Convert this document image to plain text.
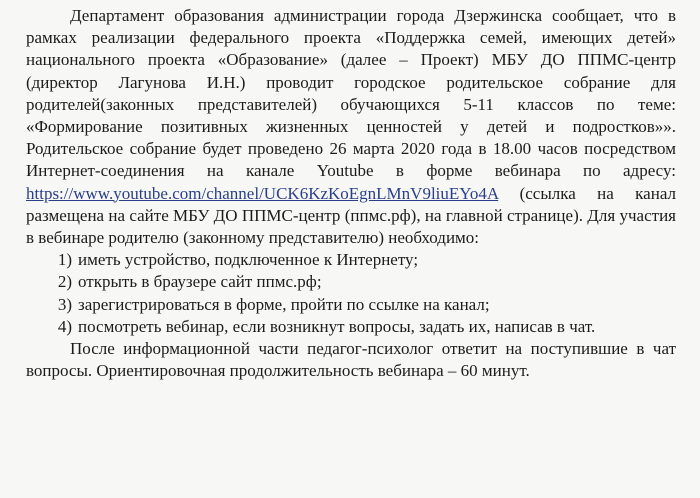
Департамент образования администрации города Дзержинска сообщает, что в рамках реализации федерального проекта «Поддержка семей, имеющих детей» национального проекта «Образование» (далее – Проект) МБУ ДО ППМС-центр (директор Лагунова И.Н.) проводит городское родительское собрание для родителей(законных представителей) обучающихся 5-11 классов по теме: «Формирование позитивных жизненных ценностей у детей и подростков»». Родительское собрание будет проведено 26 марта 2020 года в 18.00 часов посредством Интернет-соединения на канале Youtube в форме вебинара по адресу: https://www.youtube.com/channel/UCK6KzKoEgnLMnV9liuEYo4A (ссылка на канал размещена на сайте МБУ ДО ППМС-центр (ппмс.рф), на главной странице). Для участия в вебинаре родителю (законному представителю) необходимо:

1) иметь устройство, подключенное к Интернету;
2) открыть в браузере сайт ппмс.рф;
3) зарегистрироваться в форме, пройти по ссылке на канал;
4) посмотреть вебинар, если возникнут вопросы, задать их, написав в чат.

После информационной части педагог-психолог ответит на поступившие в чат вопросы. Ориентировочная продолжительность вебинара – 60 минут.
